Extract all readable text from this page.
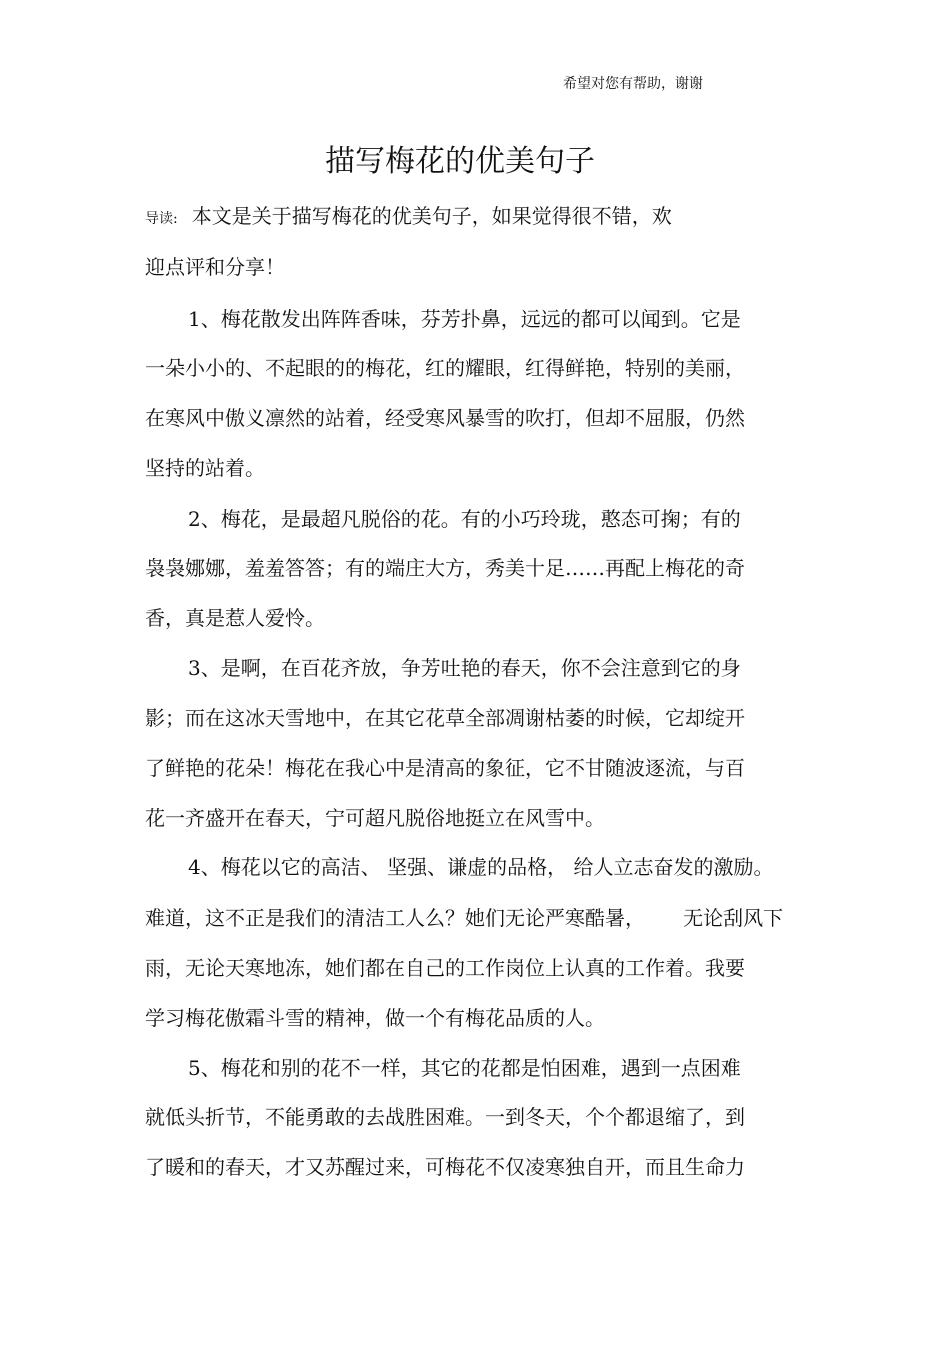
希望对您有帮助，谢谢
描写梅花的优美句子
导读: 本文是关于描写梅花的优美句子，如果觉得很不错，欢
迎点评和分享！
1、梅花散发出阵阵香味，芬芳扑鼻，远远的都可以闻到。它是
一朵小小的、不起眼的的梅花，红的耀眼，红得鲜艳，特别的美丽，
在寒风中傲义凛然的站着，经受寒风暴雪的吹打，但却不屈服，仍然
坚持的站着。
2、梅花，是最超凡脱俗的花。有的小巧玲珑，憨态可掬；有的
袅袅娜娜，羞羞答答；有的端庄大方，秀美十足……再配上梅花的奇
香，真是惹人爱怜。
3、是啊，在百花齐放，争芳吐艳的春天，你不会注意到它的身
影；而在这冰天雪地中，在其它花草全部凋谢枯萎的时候，它却绽开
了鲜艳的花朵！梅花在我心中是清高的象征，它不甘随波逐流，与百
花一齐盛开在春天，宁可超凡脱俗地挺立在风雪中。
4、梅花以它的高洁、 坚强、谦虚的品格， 给人立志奋发的激励。
难道，这不正是我们的清洁工人么？她们无论严寒酷暑，      无论刮风下
雨，无论天寒地冻，她们都在自己的工作岗位上认真的工作着。我要
学习梅花傲霜斗雪的精神，做一个有梅花品质的人。
5、梅花和别的花不一样，其它的花都是怕困难，遇到一点困难
就低头折节，不能勇敢的去战胜困难。一到冬天，个个都退缩了，到
了暖和的春天，才又苏醒过来，可梅花不仅凌寒独自开，而且生命力
